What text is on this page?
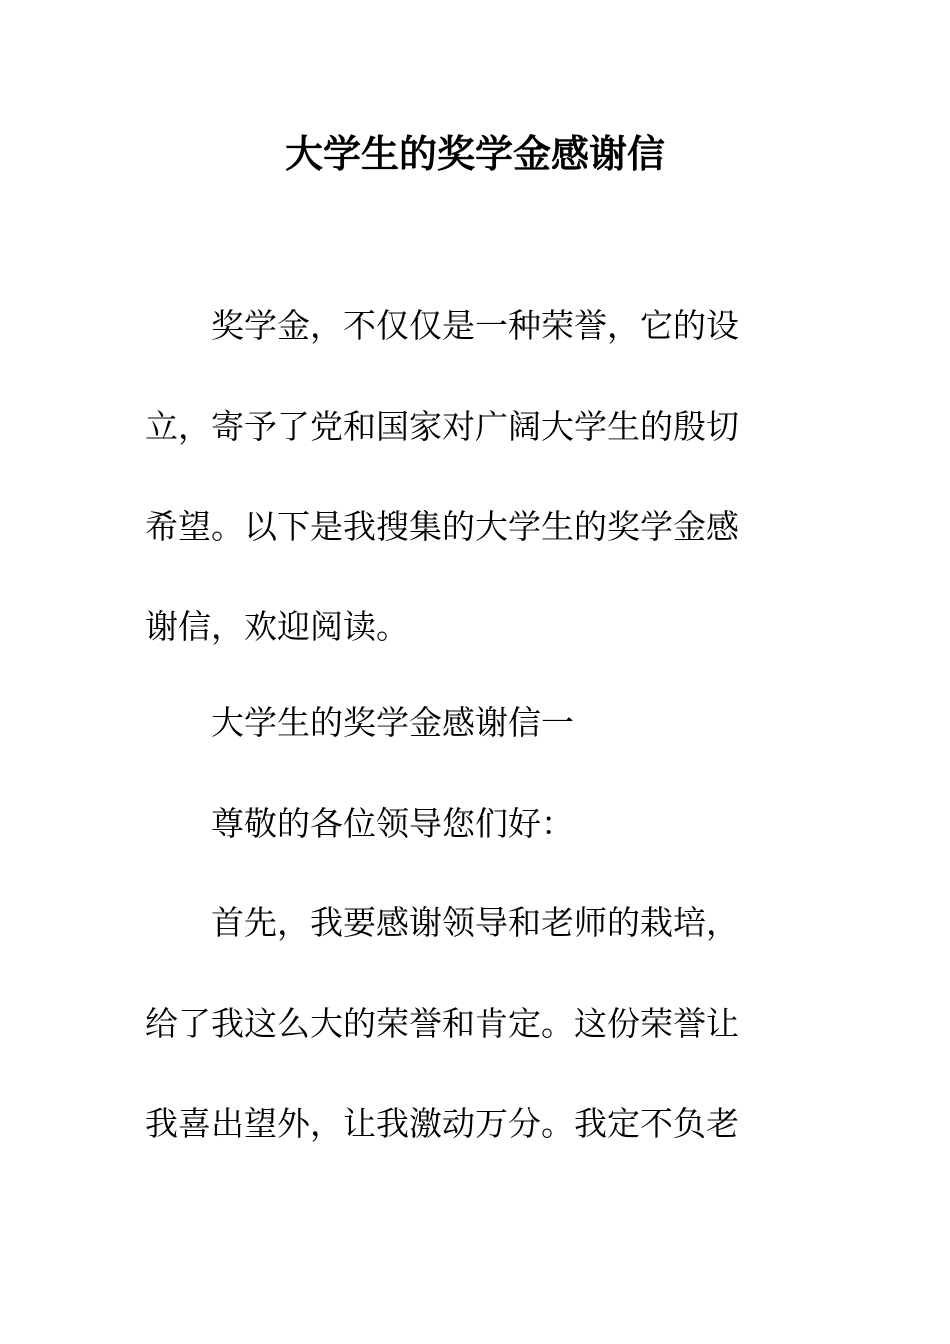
大学生的奖学金感谢信
　　奖学金，不仅仅是一种荣誉，它的设
立，寄予了党和国家对广阔大学生的殷切
希望。以下是我搜集的大学生的奖学金感
谢信，欢迎阅读。
　　大学生的奖学金感谢信一
　　尊敬的各位领导您们好：
　　首先，我要感谢领导和老师的栽培，
给了我这么大的荣誉和肯定。这份荣誉让
我喜出望外，让我激动万分。我定不负老
